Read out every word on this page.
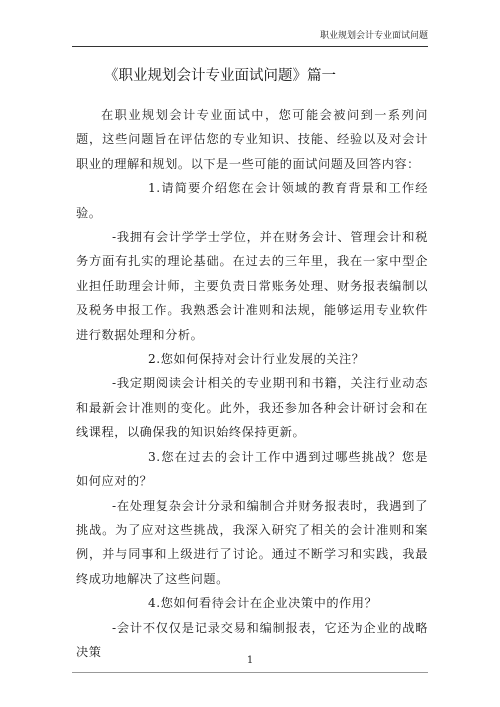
职业规划会计专业面试问题
《职业规划会计专业面试问题》篇一

在职业规划会计专业面试中，您可能会被问到一系列问题，这些问题旨在评估您的专业知识、技能、经验以及对会计职业的理解和规划。以下是一些可能的面试问题及回答内容：

1.请简要介绍您在会计领域的教育背景和工作经验。

-我拥有会计学学士学位，并在财务会计、管理会计和税务方面有扎实的理论基础。在过去的三年里，我在一家中型企业担任助理会计师，主要负责日常账务处理、财务报表编制以及税务申报工作。我熟悉会计准则和法规，能够运用专业软件进行数据处理和分析。

2.您如何保持对会计行业发展的关注？

-我定期阅读会计相关的专业期刊和书籍，关注行业动态和最新会计准则的变化。此外，我还参加各种会计研讨会和在线课程，以确保我的知识始终保持更新。

3.您在过去的会计工作中遇到过哪些挑战？您是如何应对的？

-在处理复杂会计分录和编制合并财务报表时，我遇到了挑战。为了应对这些挑战，我深入研究了相关的会计准则和案例，并与同事和上级进行了讨论。通过不断学习和实践，我最终成功地解决了这些问题。

4.您如何看待会计在企业决策中的作用？

-会计不仅仅是记录交易和编制报表，它还为企业的战略决策

1
